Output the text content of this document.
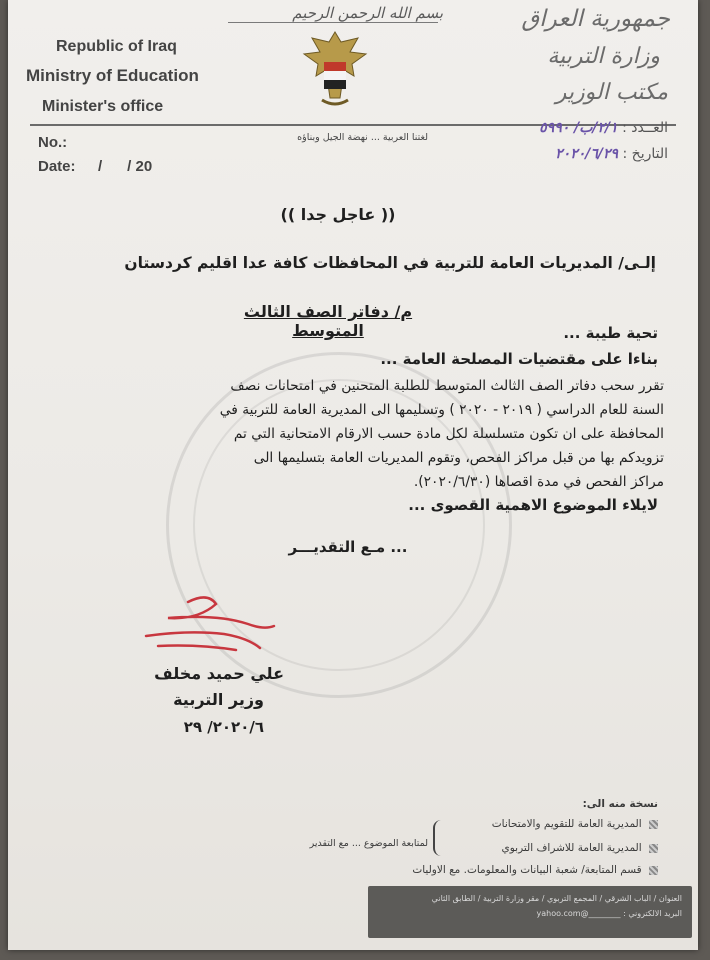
بسم الله الرحمن الرحيم
Republic of Iraq
Ministry of Education
Minister's office
جمهورية العراق
وزارة التربية
مكتب الوزير
No.:
Date: /      / 20
لغتنا العربية ... نهضة الجيل وبناؤه
العــدد : ٢/١/ب/ ٥٩٩٠
التاريخ : ٢٠٢٠/٦/٢٩
(( عاجل جدا ))
إلـى/ المديريات العامة للتربية في المحافظات كافة عدا اقليم كردستان
م/ دفاتر الصف الثالث المتوسط	تحية طيبة ...
بناءا على مقتضيات المصلحة العامة ...
تقرر سحب دفاتر الصف الثالث المتوسط للطلبة المتحنين في امتحانات نصف
السنة للعام الدراسي ( ٢٠١٩ - ٢٠٢٠ ) وتسليمها الى المديرية العامة للتربية في
المحافظة على ان تكون متسلسلة لكل مادة حسب الارقام الامتحانية التي تم
تزويدكم بها من قبل مراكز الفحص، وتقوم المديريات العامة بتسليمها الى
مراكز الفحص في مدة اقصاها (٢٠٢٠/٦/٣٠).
لايلاء الموضوع الاهمية القصوى ...
... مـع التقديـــر
علي حميد مخلف
وزير التربية
٢٠٢٠/٦/ ٢٩
نسخة منه الى:
المديرية العامة للتقويم والامتحانات
المديرية العامة للاشراف التربوي
قسم المتابعة/ شعبة البيانات والمعلومات. مع الاوليات
لمتابعة الموضوع ... مع التقدير
العنوان / الباب الشرقي / المجمع التربوي / مقر وزارة التربية / الطابق الثاني
البريد الالكتروني : ________@yahoo.com
